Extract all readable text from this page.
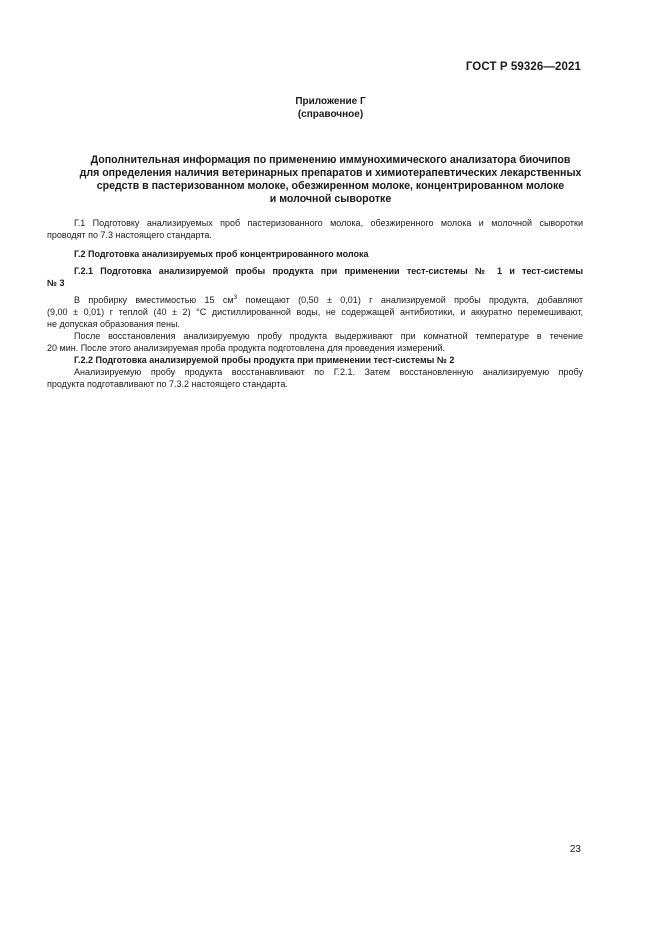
ГОСТ Р 59326—2021
Приложение Г
(справочное)
Дополнительная информация по применению иммунохимического анализатора биочипов
для определения наличия ветеринарных препаратов и химиотерапевтических лекарственных
средств в пастеризованном молоке, обезжиренном молоке, концентрированном молоке
и молочной сыворотке

Г.1 Подготовку анализируемых проб пастеризованного молока, обезжиренного молока и молочной сыворотки

проводят по 7.3 настоящего стандарта.

Г.2 Подготовка анализируемых проб концентрированного молока

Г.2.1 Подготовка анализируемой пробы продукта при применении тест-системы № 1 и тест-системы

№ 3

В пробирку вместимостью 15 $см^3$ помещают (0,50 ± 0,01) г анализируемой пробы продукта, добавляют

(9,00 ± 0,01) г теплой (40 ± 2) °С дистиллированной воды, не содержащей антибиотики, и аккуратно перемешивают,
не допуская образования пены.

После восстановления анализируемую пробу продукта выдерживают при комнатной температуре в течение

20 мин. После этого анализируемая проба продукта подготовлена для проведения измерений.

Г.2.2 Подготовка анализируемой пробы продукта при применении тест-системы № 2

Анализируемую пробу продукта восстанавливают по Г.2.1. Затем восстановленную анализируемую пробу

продукта подготавливают по 7.3.2 настоящего стандарта.

23
